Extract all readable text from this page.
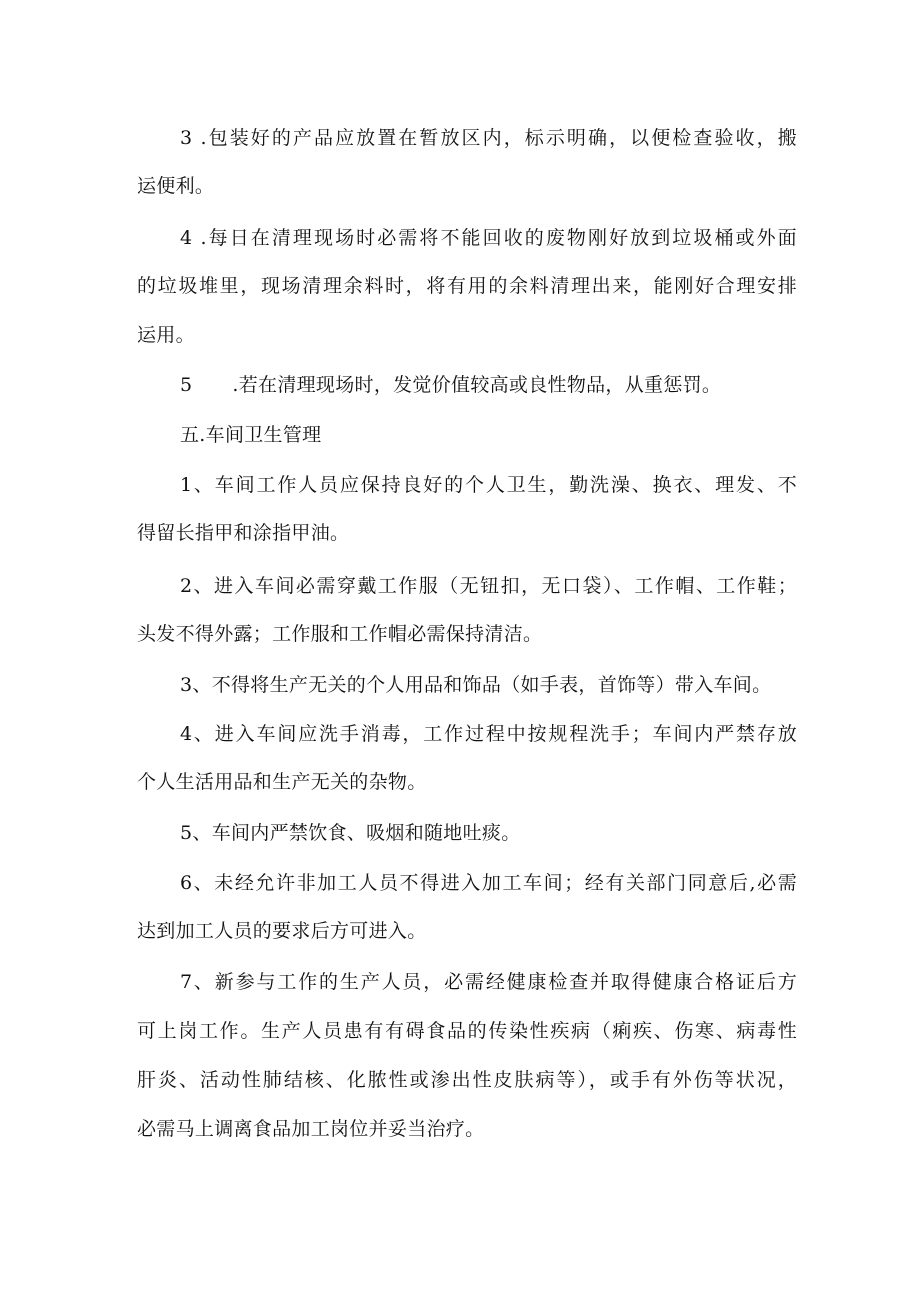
3 .包装好的产品应放置在暂放区内，标示明确，以便检查验收，搬
运便利。
4 .每日在清理现场时必需将不能回收的废物刚好放到垃圾桶或外面
的垃圾堆里，现场清理余料时，将有用的余料清理出来，能刚好合理安排
运用。
5 .若在清理现场时，发觉价值较高或良性物品，从重惩罚。
五.车间卫生管理
1、车间工作人员应保持良好的个人卫生，勤洗澡、换衣、理发、不
得留长指甲和涂指甲油。
2、进入车间必需穿戴工作服（无钮扣，无口袋）、工作帽、工作鞋；
头发不得外露；工作服和工作帽必需保持清洁。
3、不得将生产无关的个人用品和饰品（如手表，首饰等）带入车间。
4、进入车间应洗手消毒，工作过程中按规程洗手；车间内严禁存放
个人生活用品和生产无关的杂物。
5、车间内严禁饮食、吸烟和随地吐痰。
6、未经允许非加工人员不得进入加工车间；经有关部门同意后,必需
达到加工人员的要求后方可进入。
7、新参与工作的生产人员，必需经健康检查并取得健康合格证后方
可上岗工作。生产人员患有有碍食品的传染性疾病（痢疾、伤寒、病毒性
肝炎、活动性肺结核、化脓性或渗出性皮肤病等），或手有外伤等状况，
必需马上调离食品加工岗位并妥当治疗。
